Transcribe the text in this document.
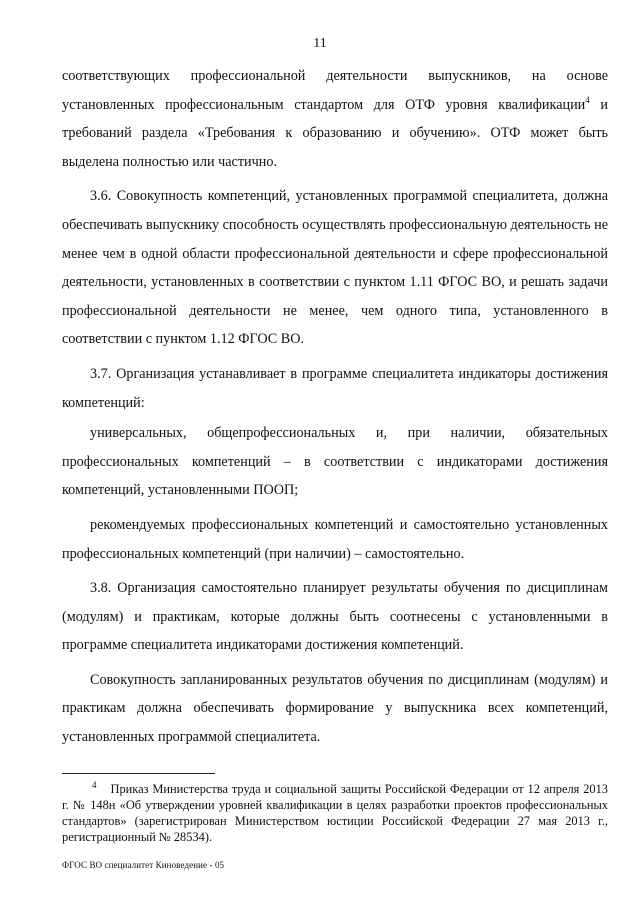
11

соответствующих профессиональной деятельности выпускников, на основе установленных профессиональным стандартом для ОТФ уровня квалификации$^4$ и требований раздела «Требования к образованию и обучению». ОТФ может быть выделена полностью или частично.

3.6. Совокупность компетенций, установленных программой специалитета, должна обеспечивать выпускнику способность осуществлять профессиональную деятельность не менее чем в одной области профессиональной деятельности и сфере профессиональной деятельности, установленных в соответствии с пунктом 1.11 ФГОС ВО, и решать задачи профессиональной деятельности не менее, чем одного типа, установленного в соответствии с пунктом 1.12 ФГОС ВО.

3.7. Организация устанавливает в программе специалитета индикаторы достижения компетенций:

универсальных, общепрофессиональных и, при наличии, обязательных профессиональных компетенций – в соответствии с индикаторами достижения компетенций, установленными ПООП;

рекомендуемых профессиональных компетенций и самостоятельно установленных профессиональных компетенций (при наличии) – самостоятельно.

3.8. Организация самостоятельно планирует результаты обучения по дисциплинам (модулям) и практикам, которые должны быть соотнесены с установленными в программе специалитета индикаторами достижения компетенций.

Совокупность запланированных результатов обучения по дисциплинам (модулям) и практикам должна обеспечивать формирование у выпускника всех компетенций, установленных программой специалитета.

$^4$ Приказ Министерства труда и социальной защиты Российской Федерации от 12 апреля 2013 г. № 148н «Об утверждении уровней квалификации в целях разработки проектов профессиональных стандартов» (зарегистрирован Министерством юстиции Российской Федерации 27 мая 2013 г., регистрационный № 28534).
ФГОС ВО специалитет Киноведение - 05
